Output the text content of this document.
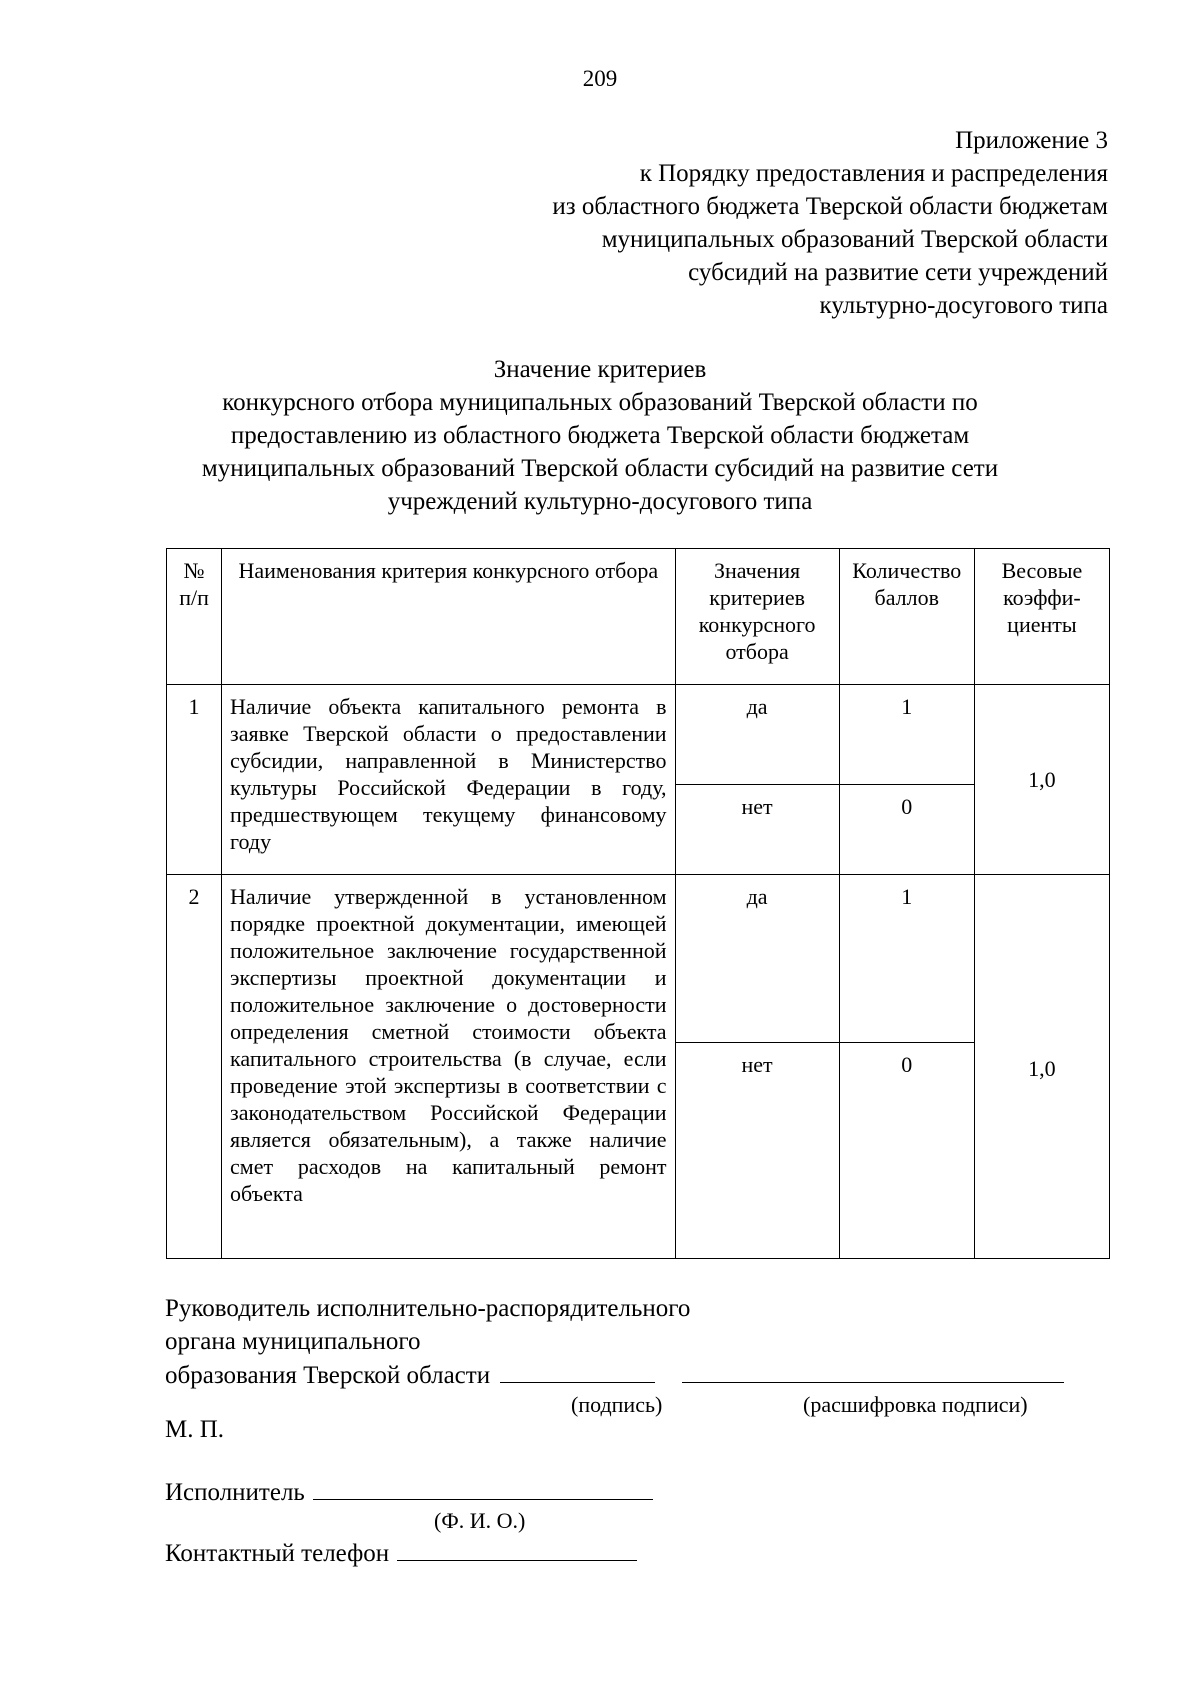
209
Приложение 3
к Порядку предоставления и распределения
из областного бюджета Тверской области бюджетам
муниципальных образований Тверской области
субсидий на развитие сети учреждений
культурно-досугового типа
Значение критериев
конкурсного отбора муниципальных образований Тверской области по
предоставлению из областного бюджета Тверской области бюджетам
муниципальных образований Тверской области субсидий на развитие сети
учреждений культурно-досугового типа
№ п/п	Наименования критерия конкурсного отбора	Значения критериев конкурсного отбора	Количество баллов	Весовые коэффи-циенты
1	Наличие объекта капитального ремонта в заявке Тверской области о предоставлении субсидии, направленной в Министерство культуры Российской Федерации в году, предшествующем текущему финансовому году	да	1	1,0
		нет	0	
2	Наличие утвержденной в установленном порядке проектной документации, имеющей положительное заключение государственной экспертизы проектной документации и положительное заключение о достоверности определения сметной стоимости объекта капитального строительства (в случае, если проведение этой экспертизы в соответствии с законодательством Российской Федерации является обязательным), а также наличие смет расходов на капитальный ремонт объекта	да	1	1,0
		нет	0	
Руководитель исполнительно-распорядительного
органа муниципального
образования Тверской области
(подпись)	(расшифровка подписи)
М. П.
Исполнитель
(Ф. И. О.)
Контактный телефон
